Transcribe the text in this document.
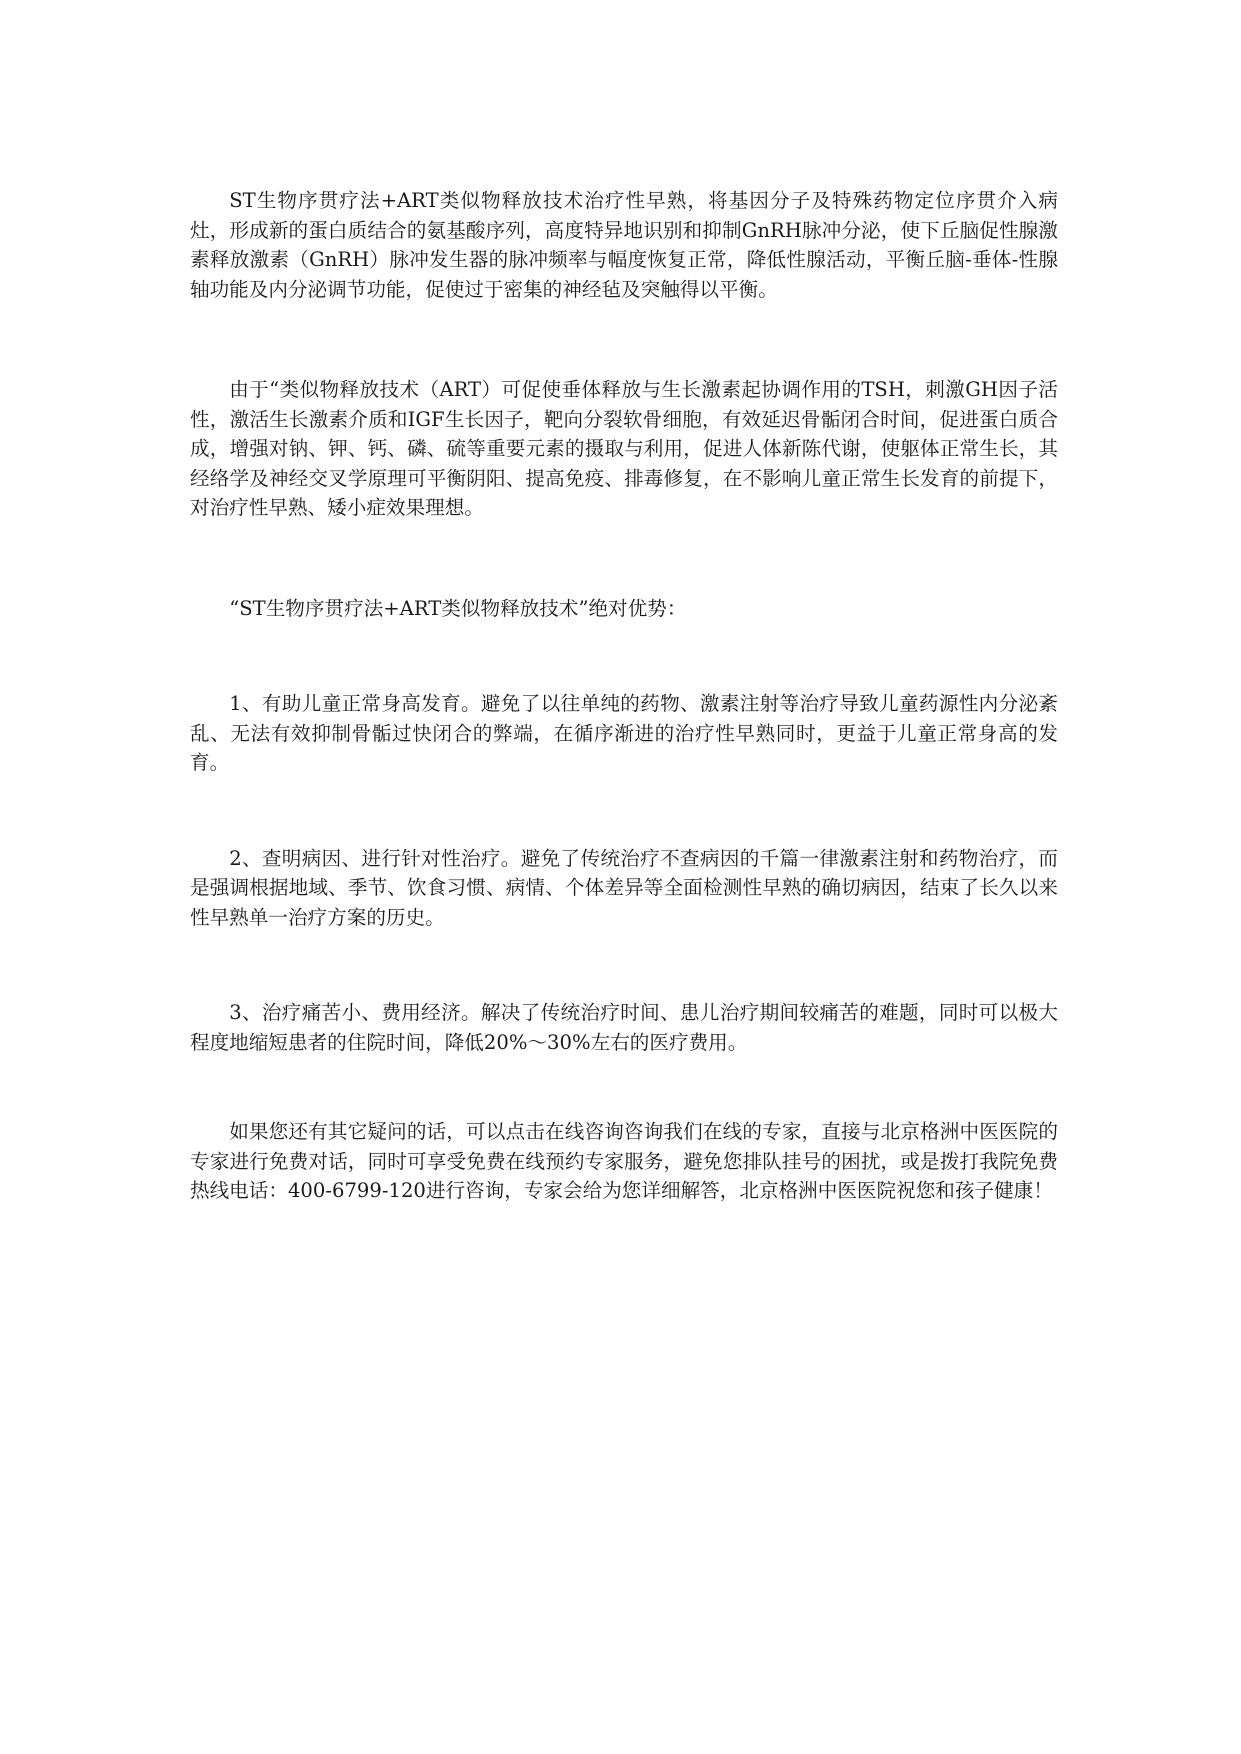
ST生物序贯疗法+ART类似物释放技术治疗性早熟，将基因分子及特殊药物定位序贯介入病灶，形成新的蛋白质结合的氨基酸序列，高度特异地识别和抑制GnRH脉冲分泌，使下丘脑促性腺激素释放激素（GnRH）脉冲发生器的脉冲频率与幅度恢复正常，降低性腺活动，平衡丘脑-垂体-性腺轴功能及内分泌调节功能，促使过于密集的神经毡及突触得以平衡。

由于“类似物释放技术（ART）可促使垂体释放与生长激素起协调作用的TSH，刺激GH因子活性，激活生长激素介质和IGF生长因子，靶向分裂软骨细胞，有效延迟骨骺闭合时间，促进蛋白质合成，增强对钠、钾、钙、磷、硫等重要元素的摄取与利用，促进人体新陈代谢，使躯体正常生长，其经络学及神经交叉学原理可平衡阴阳、提高免疫、排毒修复，在不影响儿童正常生长发育的前提下，对治疗性早熟、矮小症效果理想。

“ST生物序贯疗法+ART类似物释放技术”绝对优势：

1、有助儿童正常身高发育。避免了以往单纯的药物、激素注射等治疗导致儿童药源性内分泌紊乱、无法有效抑制骨骺过快闭合的弊端，在循序渐进的治疗性早熟同时，更益于儿童正常身高的发育。

2、查明病因、进行针对性治疗。避免了传统治疗不查病因的千篇一律激素注射和药物治疗，而是强调根据地域、季节、饮食习惯、病情、个体差异等全面检测性早熟的确切病因，结束了长久以来性早熟单一治疗方案的历史。

3、治疗痛苦小、费用经济。解决了传统治疗时间、患儿治疗期间较痛苦的难题，同时可以极大程度地缩短患者的住院时间，降低20%～30%左右的医疗费用。

如果您还有其它疑问的话，可以点击在线咨询咨询我们在线的专家，直接与北京格洲中医医院的专家进行免费对话，同时可享受免费在线预约专家服务，避免您排队挂号的困扰，或是拨打我院免费热线电话：400-6799-120进行咨询，专家会给为您详细解答，北京格洲中医医院祝您和孩子健康！
